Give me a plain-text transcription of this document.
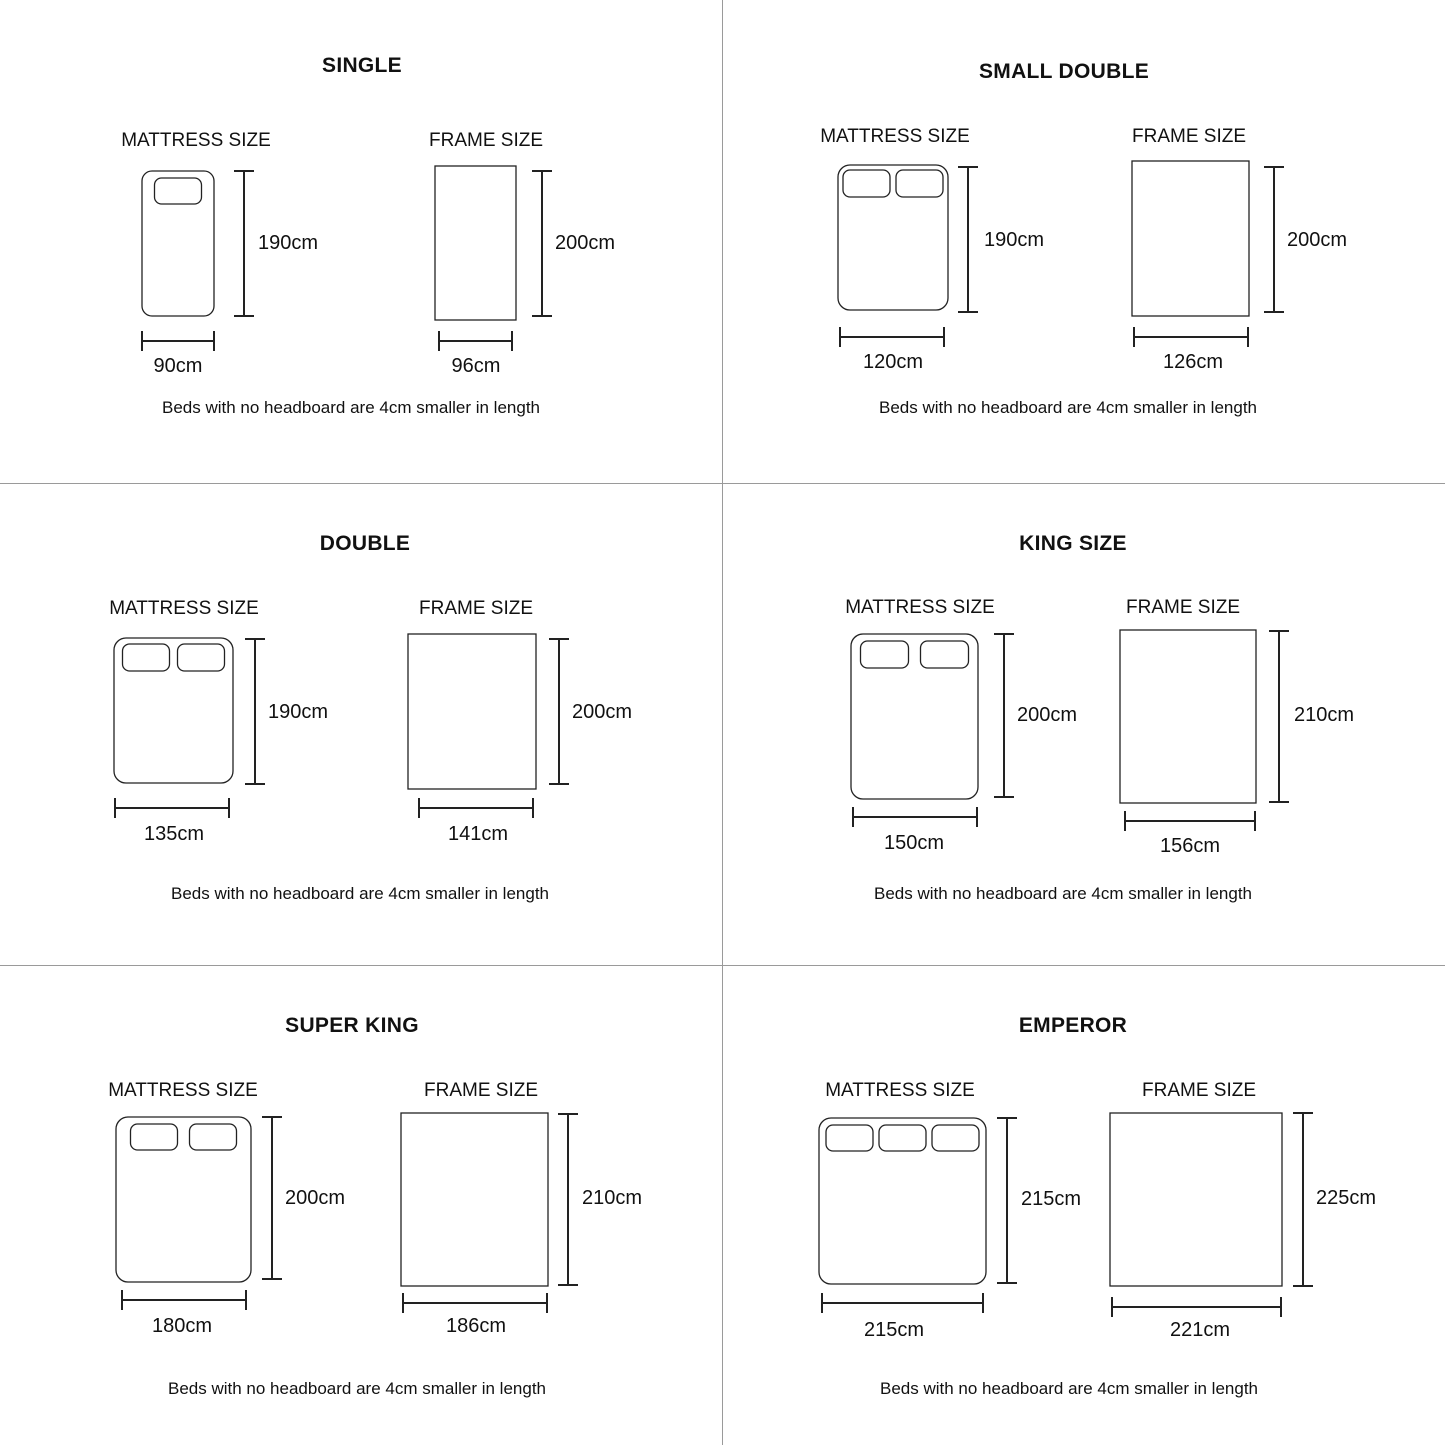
SINGLE
MATTRESS SIZE	FRAME SIZE
190cm	200cm
90cm	96cm
Beds with no headboard are 4cm smaller in length
SMALL DOUBLE
MATTRESS SIZE	FRAME SIZE
190cm	200cm
120cm	126cm
Beds with no headboard are 4cm smaller in length
DOUBLE
MATTRESS SIZE	FRAME SIZE
190cm	200cm
135cm	141cm
Beds with no headboard are 4cm smaller in length
KING SIZE
MATTRESS SIZE	FRAME SIZE
200cm	210cm
150cm	156cm
Beds with no headboard are 4cm smaller in length
SUPER KING
MATTRESS SIZE	FRAME SIZE
200cm	210cm
180cm	186cm
Beds with no headboard are 4cm smaller in length
EMPEROR
MATTRESS SIZE	FRAME SIZE
215cm	225cm
215cm	221cm
Beds with no headboard are 4cm smaller in length
